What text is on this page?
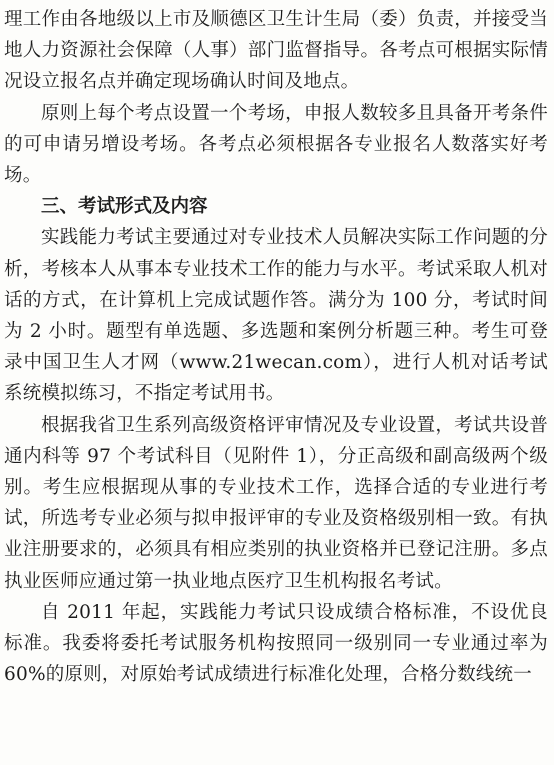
理工作由各地级以上市及顺德区卫生计生局（委）负责，并接受当地人力资源社会保障（人事）部门监督指导。各考点可根据实际情况设立报名点并确定现场确认时间及地点。

原则上每个考点设置一个考场，申报人数较多且具备开考条件的可申请另增设考场。各考点必须根据各专业报名人数落实好考场。

三、考试形式及内容

实践能力考试主要通过对专业技术人员解决实际工作问题的分析，考核本人从事本专业技术工作的能力与水平。考试采取人机对话的方式，在计算机上完成试题作答。满分为 100 分，考试时间为 2 小时。题型有单选题、多选题和案例分析题三种。考生可登录中国卫生人才网（www.21wecan.com），进行人机对话考试系统模拟练习，不指定考试用书。

根据我省卫生系列高级资格评审情况及专业设置，考试共设普通内科等 97 个考试科目（见附件 1），分正高级和副高级两个级别。考生应根据现从事的专业技术工作，选择合适的专业进行考试，所选考专业必须与拟申报评审的专业及资格级别相一致。有执业注册要求的，必须具有相应类别的执业资格并已登记注册。多点执业医师应通过第一执业地点医疗卫生机构报名考试。

自 2011 年起，实践能力考试只设成绩合格标准，不设优良标准。我委将委托考试服务机构按照同一级别同一专业通过率为 60%的原则，对原始考试成绩进行标准化处理，合格分数线统一
